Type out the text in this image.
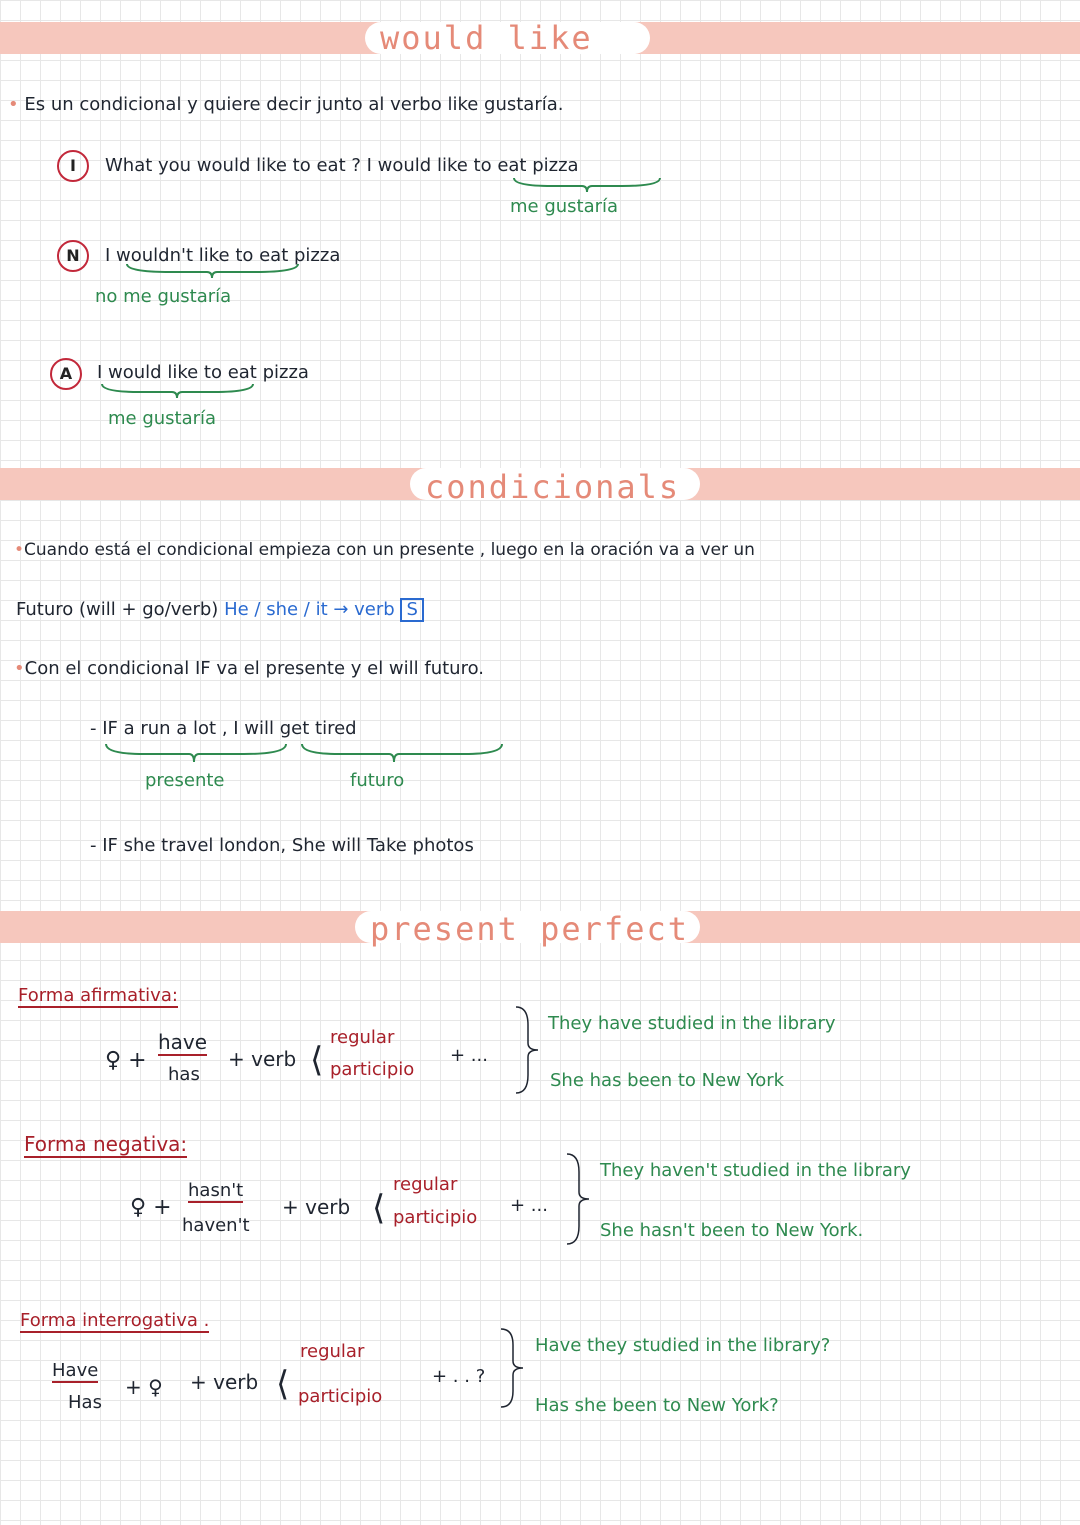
would like
• Es un condicional y quiere decir junto al verbo like gustaría.
I	What you would like to eat ? I would like to eat pizza
me gustaría
N	I wouldn't like to eat pizza
no me gustaría
A	I would like to eat pizza
me gustaría
condicionals
•Cuando está el condicional empieza con un presente , luego en la oración va a ver un
Futuro (will + go/verb) He / she / it → verb S
•Con el condicional IF va el presente y el will futuro.
- IF a run a lot , I will get tired
presente	futuro
- IF she travel london, She will Take photos
present perfect
Forma afirmativa:
♀︎ +
have
has
+ verb ⟨
regular
participio
+ ...
They have studied in the library
She has been to New York
Forma negativa:
♀︎ +
hasn't
haven't
+ verb ⟨
regular
participio
+ ...
They haven't studied in the library
She hasn't been to New York.
Forma interrogativa .
Have
Has
+ ♀︎ + verb ⟨
regular
participio
+ . . ?
Have they studied in the library?
Has she been to New York?
